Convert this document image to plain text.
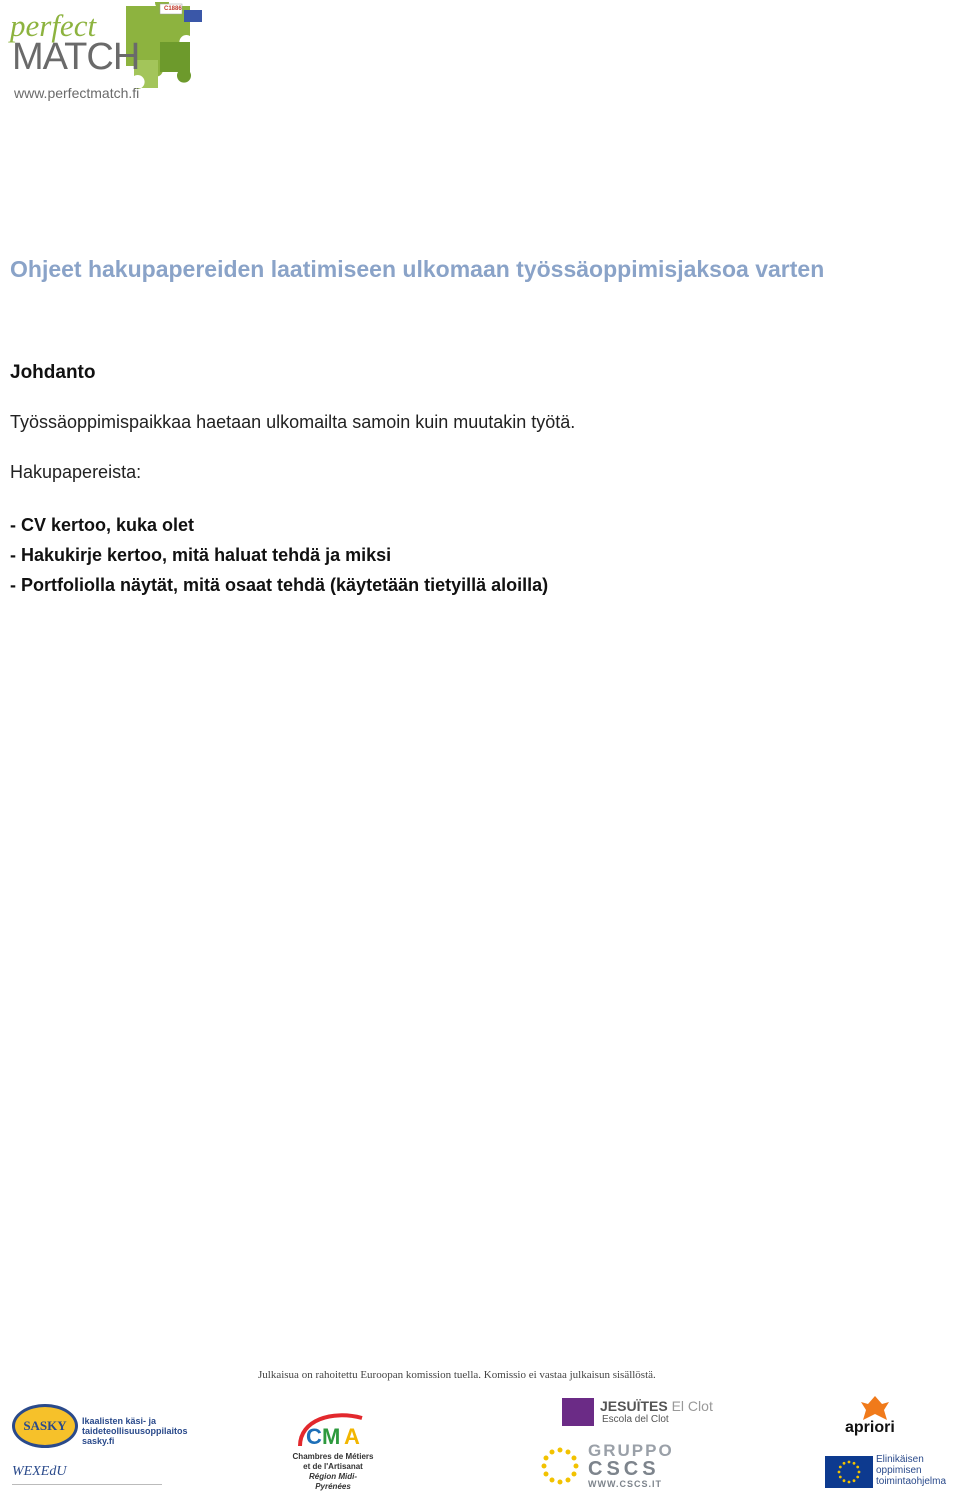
perfect
MATCH
www.perfectmatch.fi
C1886
Ohjeet hakupapereiden laatimiseen ulkomaan työssäoppimisjaksoa varten
Johdanto
Työssäoppimispaikkaa haetaan ulkomailta samoin kuin muutakin työtä.
Hakupapereista:
- CV kertoo, kuka olet
- Hakukirje kertoo, mitä haluat tehdä ja miksi
- Portfoliolla näytät, mitä osaat tehdä (käytetään tietyillä aloilla)
Julkaisua on rahoitettu Euroopan komission tuella. Komissio ei vastaa julkaisun sisällöstä.
SASKY Ikaalisten käsi- ja
taideteollisuusoppilaitos
sasky.fi
WEXEdU
C M A
Chambres de Métiers
et de l'Artisanat
Région Midi-Pyrénées
JESUÏTES El Clot
Escola del Clot
GRUPPO
CSCS
WWW.CSCS.IT
apriori
Elinikäisen
oppimisen
toimintaohjelma
